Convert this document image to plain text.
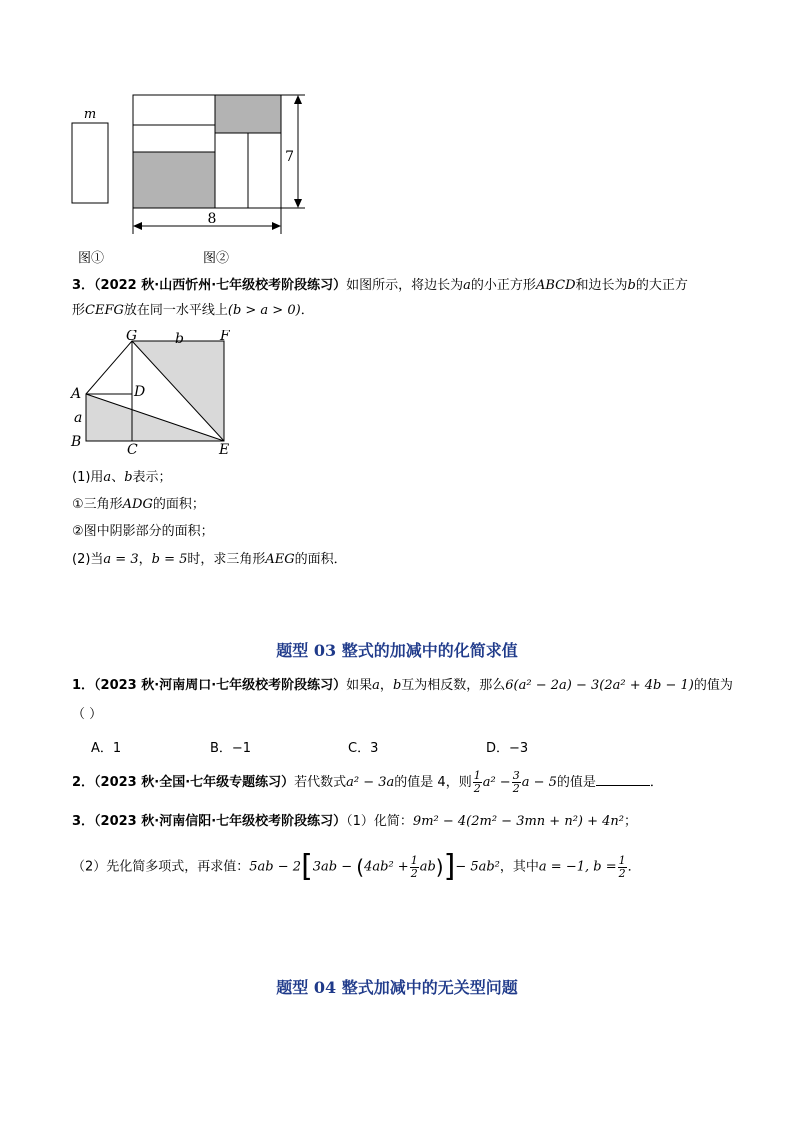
m
7
8
图①	图②
3．（2022 秋·山西忻州·七年级校考阶段练习）如图所示，将边长为a的小正方形ABCD和边长为b的大正方
形CEFG放在同一水平线上(b > a > 0)．
G	b	F
A	D
a
B	C	E
(1)用a、b表示；
①三角形ADG的面积；
②图中阴影部分的面积；
(2)当a = 3，b = 5时，求三角形AEG的面积．
题型 03 整式的加减中的化简求值
1．（2023 秋·河南周口·七年级校考阶段练习）如果a，b互为相反数，那么6(a² − 2a) − 3(2a² + 4b − 1)的值为
（ ）
A．1	B．−1	C．3	D．−3
2．（2023 秋·全国·七年级专题练习）若代数式a² − 3a的值是 4，则 $\frac{1}{2} a^2 - \frac{3}{2}$ a − 5的值是	．
3．（2023 秋·河南信阳·七年级校考阶段练习）（1）化简：9m² − 4(2m² − 3mn + n²) + 4n²；
（2）先化简多项式，再求值：$5ab - 2[3ab - (4ab^2 + \frac{1}{2} ab)]- 5ab^2$，其中a = −1, $b = \frac{1}{2}$ ．
题型 04 整式加减中的无关型问题
